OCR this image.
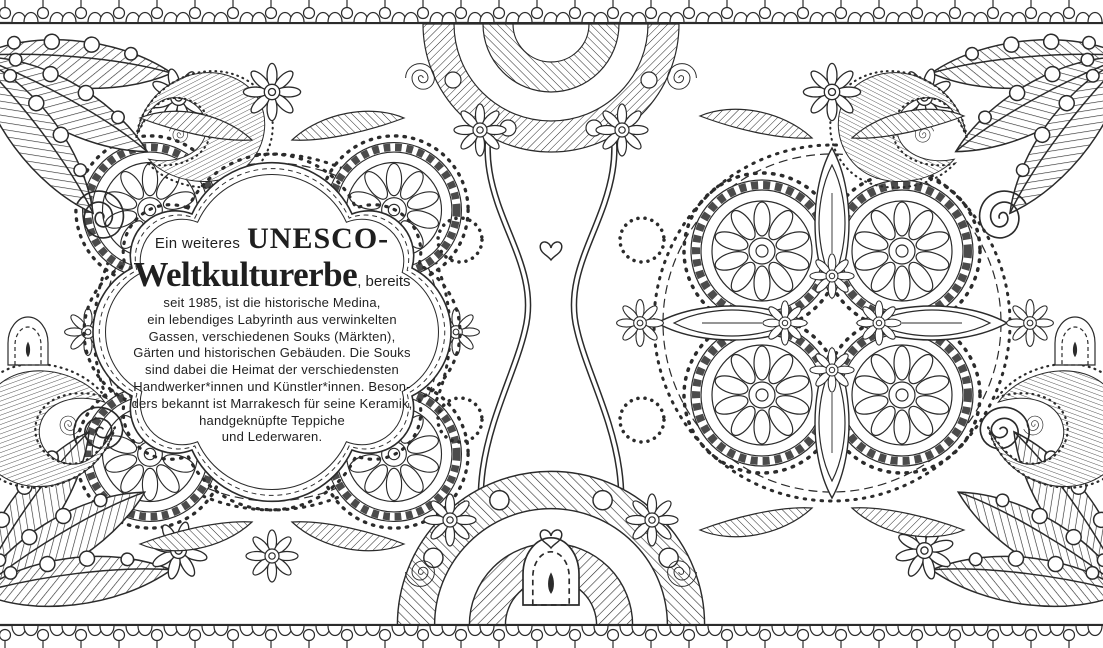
Ein weiteres UNESCO-
Weltkulturerbe , bereits
seit 1985, ist die historische Medina,
ein lebendiges Labyrinth aus verwinkelten
Gassen, verschiedenen Souks (Märkten),
Gärten und historischen Gebäuden. Die Souks
sind dabei die Heimat der verschiedensten
Handwerker*innen und Künstler*innen. Beson-
ders bekannt ist Marrakesch für seine Keramik,
handgeknüpfte Teppiche
und Lederwaren.
